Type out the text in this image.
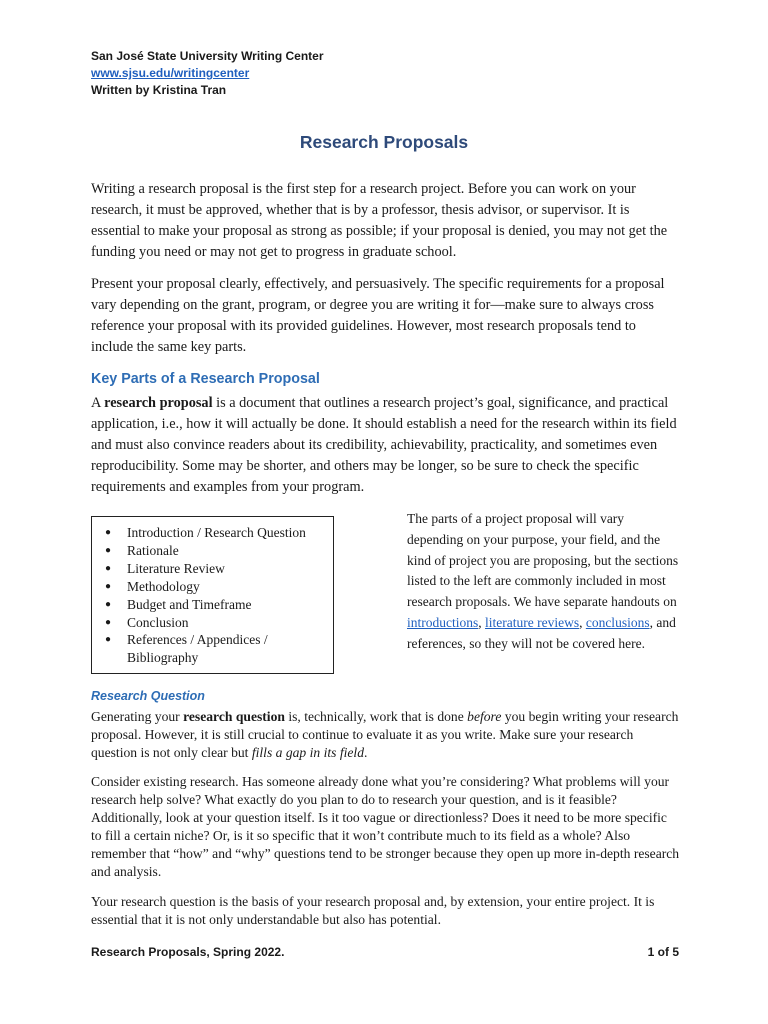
San José State University Writing Center
www.sjsu.edu/writingcenter
Written by Kristina Tran
Research Proposals
Writing a research proposal is the first step for a research project. Before you can work on your research, it must be approved, whether that is by a professor, thesis advisor, or supervisor. It is essential to make your proposal as strong as possible; if your proposal is denied, you may not get the funding you need or may not get to progress in graduate school.
Present your proposal clearly, effectively, and persuasively. The specific requirements for a proposal vary depending on the grant, program, or degree you are writing it for—make sure to always cross reference your proposal with its provided guidelines. However, most research proposals tend to include the same key parts.
Key Parts of a Research Proposal
A research proposal is a document that outlines a research project’s goal, significance, and practical application, i.e., how it will actually be done. It should establish a need for the research within its field and must also convince readers about its credibility, achievability, practicality, and sometimes even reproducibility. Some may be shorter, and others may be longer, so be sure to check the specific requirements and examples from your program.
● Introduction / Research Question
● Rationale
● Literature Review
● Methodology
● Budget and Timeframe
● Conclusion
● References / Appendices / Bibliography
The parts of a project proposal will vary depending on your purpose, your field, and the kind of project you are proposing, but the sections listed to the left are commonly included in most research proposals. We have separate handouts on introductions, literature reviews, conclusions, and references, so they will not be covered here.
Research Question
Generating your research question is, technically, work that is done before you begin writing your research proposal. However, it is still crucial to continue to evaluate it as you write. Make sure your research question is not only clear but fills a gap in its field.
Consider existing research. Has someone already done what you’re considering? What problems will your research help solve? What exactly do you plan to do to research your question, and is it feasible? Additionally, look at your question itself. Is it too vague or directionless? Does it need to be more specific to fill a certain niche? Or, is it so specific that it won’t contribute much to its field as a whole? Also remember that “how” and “why” questions tend to be stronger because they open up more in-depth research and analysis.
Your research question is the basis of your research proposal and, by extension, your entire project. It is essential that it is not only understandable but also has potential.
Research Proposals, Spring 2022.	1 of 5
